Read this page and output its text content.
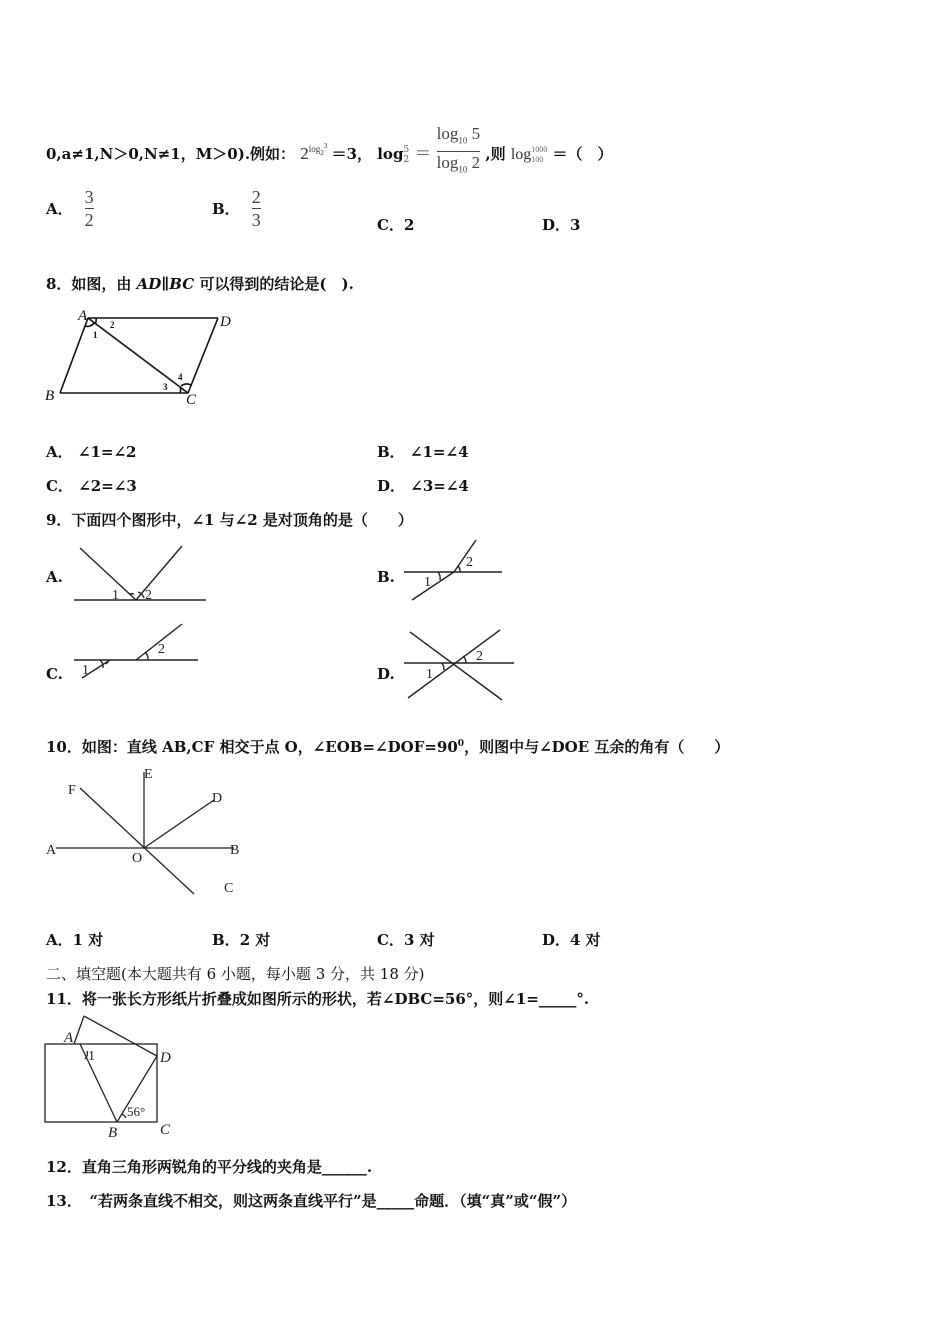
0,a≠1,N＞0,N≠1，M＞0).例如： $2^{log_2^3} =3$， log 5
$2 = \frac{\log_{10} 5}{\log_{10} 2}$ ,则 log 1000
100 ＝（　）
A． $\frac{3}{2}$	B． $\frac{2}{3}$	C．2	D．3
8．如图，由 AD∥BC 可以得到的结论是(　).
A	D
B	C
1
2
3
4
A． ∠1=∠2	B． ∠1=∠4
C． ∠2=∠3	D． ∠3=∠4
9．下面四个图形中，∠1 与∠2 是对顶角的是（　　）
A.
1 2
B. 1
2
C. 1
2
D. 1
2
10．如图：直线 AB,CF 相交于点 O，$\angle EOB=\angle DOF=90^0$，则图中与∠DOE 互余的角有（　　）
F
E
D
A
O
B
C
A．1 对	B．2 对	C．3 对	D．4 对
二、填空题(本大题共有 6 小题，每小题 3 分，共 18 分)
11．将一张长方形纸片折叠成如图所示的形状，若∠DBC=56°，则∠1=_____°.
A
D
B	C
1
56°
12．直角三角形两锐角的平分线的夹角是______.
13．　“若两条直线不相交，则这两条直线平行”是_____命题．（填“真”或“假”）
